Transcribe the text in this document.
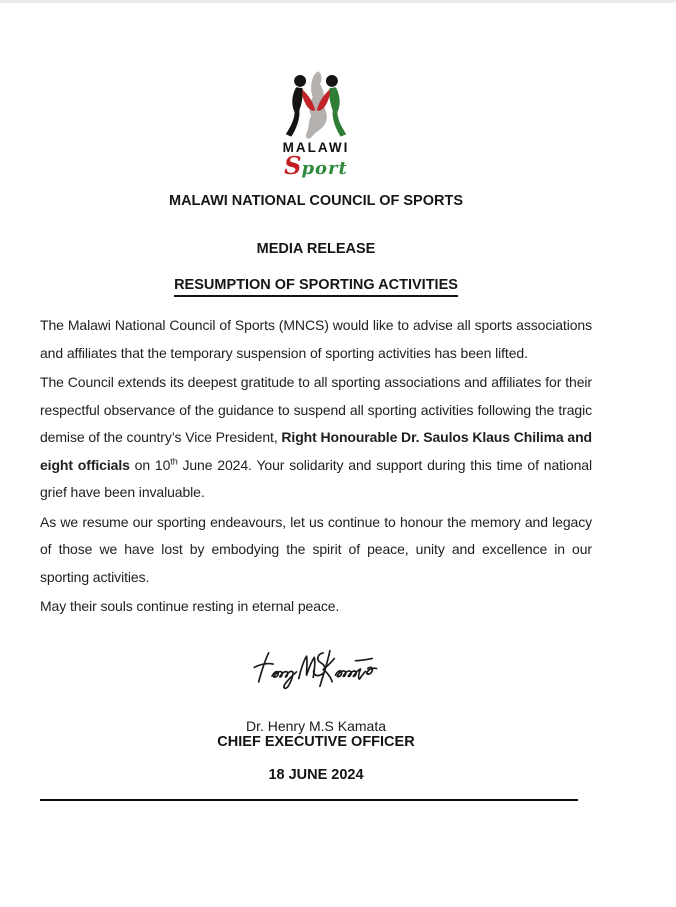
MALAWI
Sport
MALAWI NATIONAL COUNCIL OF SPORTS
MEDIA RELEASE
RESUMPTION OF SPORTING ACTIVITIES

The Malawi National Council of Sports (MNCS) would like to advise all sports associations and affiliates that the temporary suspension of sporting activities has been lifted.

The Council extends its deepest gratitude to all sporting associations and affiliates for their respectful observance of the guidance to suspend all sporting activities following the tragic demise of the country’s Vice President, Right Honourable Dr. Saulos Klaus Chilima and eight officials on 10th June 2024. Your solidarity and support during this time of national grief have been invaluable.

As we resume our sporting endeavours, let us continue to honour the memory and legacy of those we have lost by embodying the spirit of peace, unity and excellence in our sporting activities.

May their souls continue resting in eternal peace.

Dr. Henry M.S Kamata
CHIEF EXECUTIVE OFFICER
18 JUNE 2024
